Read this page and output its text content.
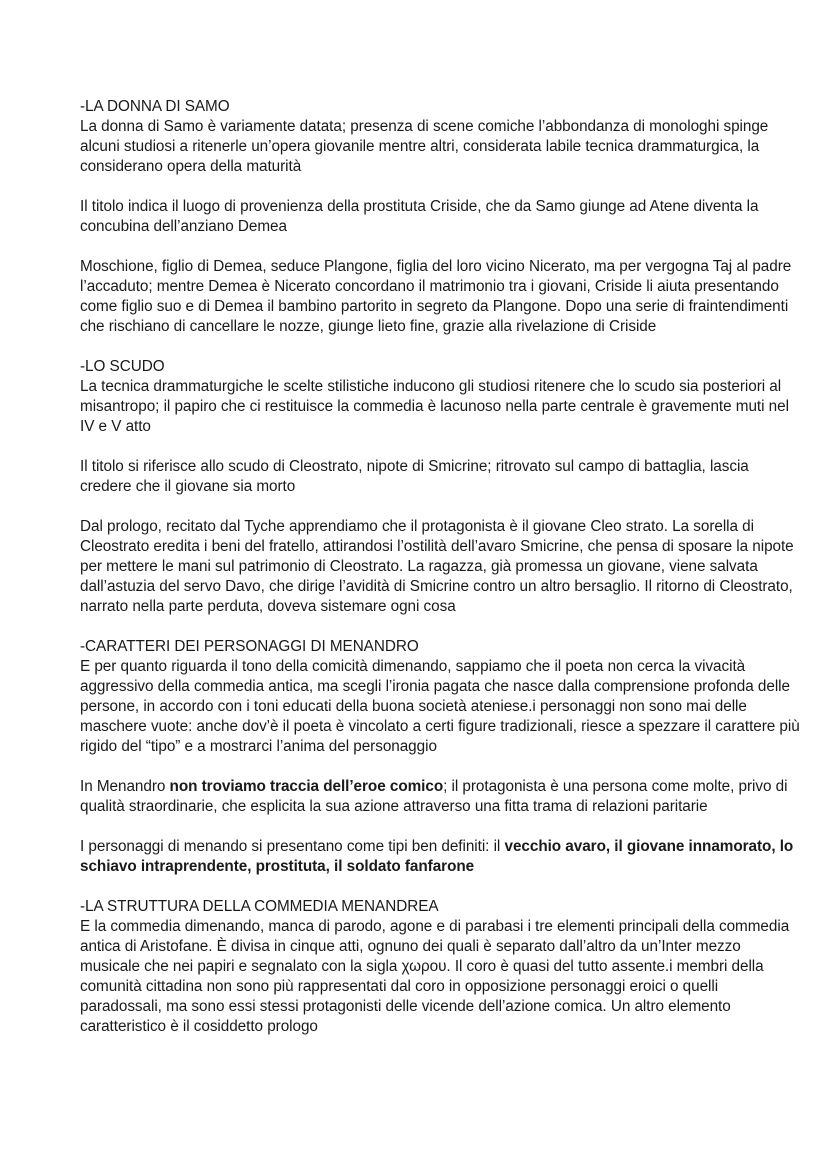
-LA DONNA DI SAMO

La donna di Samo è variamente datata; presenza di scene comiche l’abbondanza di monologhi spinge alcuni studiosi a ritenerle un’opera giovanile mentre altri, considerata labile tecnica drammaturgica, la considerano opera della maturità

Il titolo indica il luogo di provenienza della prostituta Criside, che da Samo giunge ad Atene diventa la concubina dell’anziano Demea

Moschione, figlio di Demea, seduce Plangone, figlia del loro vicino Nicerato, ma per vergogna Taj al padre l’accaduto; mentre Demea è Nicerato concordano il matrimonio tra i giovani, Criside li aiuta presentando come figlio suo e di Demea il bambino partorito in segreto da Plangone. Dopo una serie di fraintendimenti che rischiano di cancellare le nozze, giunge lieto fine, grazie alla rivelazione di Criside

-LO SCUDO

La tecnica drammaturgiche le scelte stilistiche inducono gli studiosi ritenere che lo scudo sia posteriori al misantropo; il papiro che ci restituisce la commedia è lacunoso nella parte centrale è gravemente muti nel IV e V atto

Il titolo si riferisce allo scudo di Cleostrato, nipote di Smicrine; ritrovato sul campo di battaglia, lascia credere che il giovane sia morto

Dal prologo, recitato dal Tyche apprendiamo che il protagonista è il giovane Cleo strato. La sorella di Cleostrato eredita i beni del fratello, attirandosi l’ostilità dell’avaro Smicrine, che pensa di sposare la nipote per mettere le mani sul patrimonio di Cleostrato. La ragazza, già promessa un giovane, viene salvata dall’astuzia del servo Davo, che dirige l’avidità di Smicrine contro un altro bersaglio. Il ritorno di Cleostrato, narrato nella parte perduta, doveva sistemare ogni cosa

-CARATTERI DEI PERSONAGGI DI MENANDRO

E per quanto riguarda il tono della comicità dimenando, sappiamo che il poeta non cerca la vivacità aggressivo della commedia antica, ma scegli l’ironia pagata che nasce dalla comprensione profonda delle persone, in accordo con i toni educati della buona società ateniese.i personaggi non sono mai delle maschere vuote: anche dov’è il poeta è vincolato a certi figure tradizionali, riesce a spezzare il carattere più rigido del “tipo” e a mostrarci l’anima del personaggio

In Menandro non troviamo traccia dell’eroe comico; il protagonista è una persona come molte, privo di qualità straordinarie, che esplicita la sua azione attraverso una fitta trama di relazioni paritarie

I personaggi di menando si presentano come tipi ben definiti: il vecchio avaro, il giovane innamorato, lo schiavo intraprendente, prostituta, il soldato fanfarone

-LA STRUTTURA DELLA COMMEDIA MENANDREA

E la commedia dimenando, manca di parodo, agone e di parabasi i tre elementi principali della commedia antica di Aristofane. È divisa in cinque atti, ognuno dei quali è separato dall’altro da un’Inter mezzo musicale che nei papiri e segnalato con la sigla χωρου. Il coro è quasi del tutto assente.i membri della comunità cittadina non sono più rappresentati dal coro in opposizione personaggi eroici o quelli paradossali, ma sono essi stessi protagonisti delle vicende dell’azione comica. Un altro elemento caratteristico è il cosiddetto prologo
